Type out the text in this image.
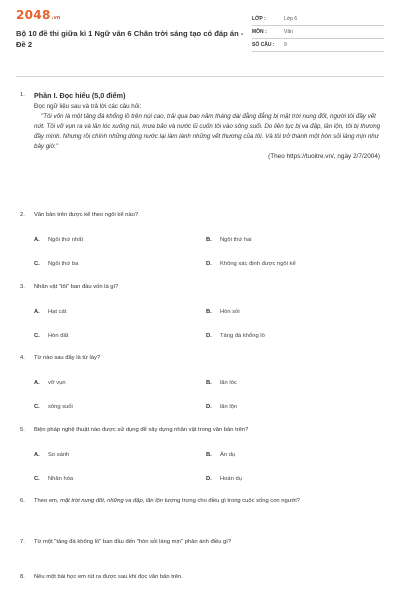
2048 .vn
Bộ 10 đề thi giữa kì 1 Ngữ văn 6 Chân trời sáng tạo có đáp án - Đề 2
LỚP :	Lớp 6
MÔN :	Văn
SỐ CÂU :	9
1.	Phần I. Đọc hiểu (5,0 điểm)
Đọc ngữ liệu sau và trả lời các câu hỏi:
"Tôi vốn là một tảng đá khổng lồ trên núi cao, trải qua bao năm tháng dài đằng đẵng bị mặt trời nung đốt, người tôi đầy vết nứt. Tôi vỡ vụn ra và lăn lóc xuống núi, mưa bão và nước lũ cuốn tôi vào sông suối. Do liên tục bị va đập, lăn lộn, tôi bị thương đầy mình. Nhưng rồi chính những dòng nước lại làm lành những vết thương của tôi. Và tôi trở thành một hòn sỏi láng mịn như bây giờ."
(Theo https://tuoitre.vn/, ngày 2/7/2004)
2.	Văn bản trên được kể theo ngôi kể nào?
A.	Ngôi thứ nhất	B.	Ngôi thứ hai
C.	Ngôi thứ ba	D.	Không xác định được ngôi kể
3.	Nhân vật "tôi" ban đầu vốn là gì?
A.	Hạt cát	B.	Hòn sỏi
C.	Hòn đất	D.	Tảng đá khổng lồ
4.	Từ nào sau đây là từ láy?
A.	vỡ vụn	B.	lăn lóc
C.	sông suối	D.	lăn lộn
5.	Biện pháp nghệ thuật nào được sử dụng để xây dựng nhân vật trong văn bản trên?
A.	So sánh	B.	Ẩn dụ
C.	Nhân hóa	D.	Hoán dụ
6.	Theo em, mặt trời nung đốt, những va đập, lăn lộn tượng trưng cho điều gì trong cuộc sống con người?
7.	Từ một "tảng đá khổng lồ" ban đầu đến "hòn sỏi láng mịn" phản ánh điều gì?
8.	Nêu một bài học em rút ra được sau khi đọc văn bản trên.
